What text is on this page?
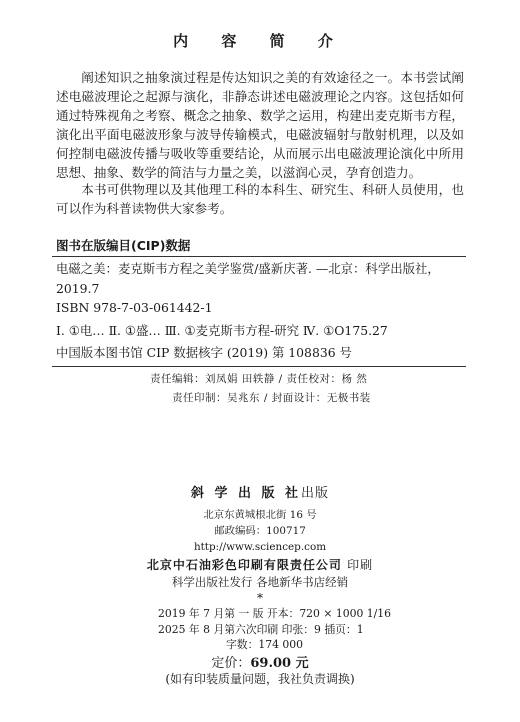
内 容 简 介

阐述知识之抽象演过程是传达知识之美的有效途径之一。本书尝试阐述电磁波理论之起源与演化，非静态讲述电磁波理论之内容。这包括如何通过特殊视角之考察、概念之抽象、数学之运用，构建出麦克斯韦方程，演化出平面电磁波形象与波导传输模式，电磁波辐射与散射机理，以及如何控制电磁波传播与吸收等重要结论，从而展示出电磁波理论演化中所用思想、抽象、数学的简洁与力量之美，以滋润心灵，孕育创造力。

本书可供物理以及其他理工科的本科生、研究生、科研人员使用，也可以作为科普读物供大家参考。

图书在版编目(CIP)数据
电磁之美：麦克斯韦方程之美学鉴赏/盛新庆著. —北京：科学出版社，
2019.7
ISBN 978-7-03-061442-1
Ⅰ. ①电… Ⅱ. ①盛… Ⅲ. ①麦克斯韦方程-研究 Ⅳ. ①O175.27
中国版本图书馆 CIP 数据核字 (2019) 第 108836 号
责任编辑：刘凤娟 田轶静 / 责任校对：杨 然
责任印制：吴兆东 / 封面设计：无极书装
斜 学 出 版 社出版
北京东黄城根北街 16 号
邮政编码：100717
http://www.sciencep.com
北京中石油彩色印刷有限责任公司 印刷
科学出版社发行 各地新华书店经销
*
2019 年 7 月第 一 版 开本：720 × 1000 1/16
2025 年 8 月第六次印刷 印张：9 插页：1
字数：174 000
定价：69.00 元
(如有印装质量问题，我社负责调换)
